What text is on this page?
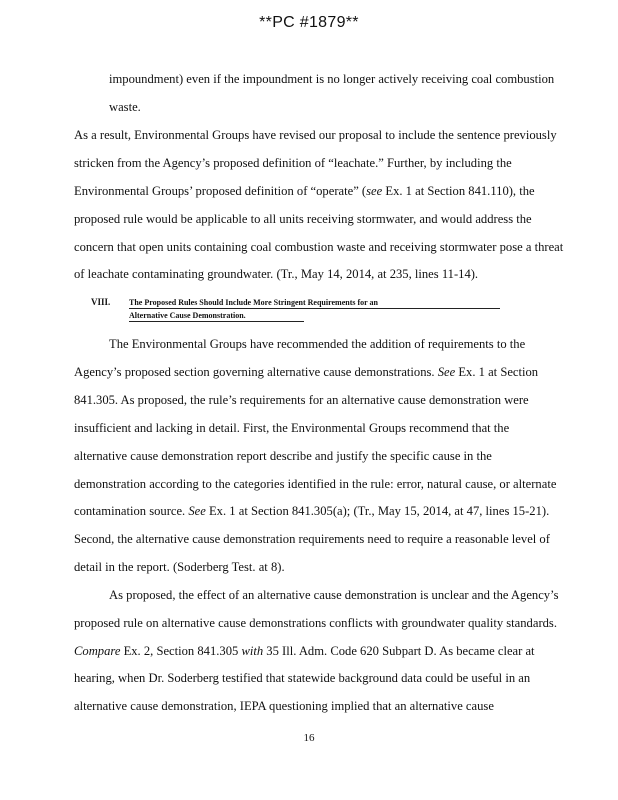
**PC #1879**
impoundment) even if the impoundment is no longer actively receiving coal combustion
waste.
As a result, Environmental Groups have revised our proposal to include the sentence previously
stricken from the Agency’s proposed definition of “leachate.” Further, by including the
Environmental Groups’ proposed definition of “operate” (see Ex. 1 at Section 841.110), the
proposed rule would be applicable to all units receiving stormwater, and would address the
concern that open units containing coal combustion waste and receiving stormwater pose a threat
of leachate contaminating groundwater. (Tr., May 14, 2014, at 235, lines 11-14).
VIII. The Proposed Rules Should Include More Stringent Requirements for an
Alternative Cause Demonstration.
The Environmental Groups have recommended the addition of requirements to the
Agency’s proposed section governing alternative cause demonstrations. See Ex. 1 at Section
841.305. As proposed, the rule’s requirements for an alternative cause demonstration were
insufficient and lacking in detail. First, the Environmental Groups recommend that the
alternative cause demonstration report describe and justify the specific cause in the
demonstration according to the categories identified in the rule: error, natural cause, or alternate
contamination source. See Ex. 1 at Section 841.305(a); (Tr., May 15, 2014, at 47, lines 15-21).
Second, the alternative cause demonstration requirements need to require a reasonable level of
detail in the report. (Soderberg Test. at 8).
As proposed, the effect of an alternative cause demonstration is unclear and the Agency’s
proposed rule on alternative cause demonstrations conflicts with groundwater quality standards.
Compare Ex. 2, Section 841.305 with 35 Ill. Adm. Code 620 Subpart D. As became clear at
hearing, when Dr. Soderberg testified that statewide background data could be useful in an
alternative cause demonstration, IEPA questioning implied that an alternative cause
16
